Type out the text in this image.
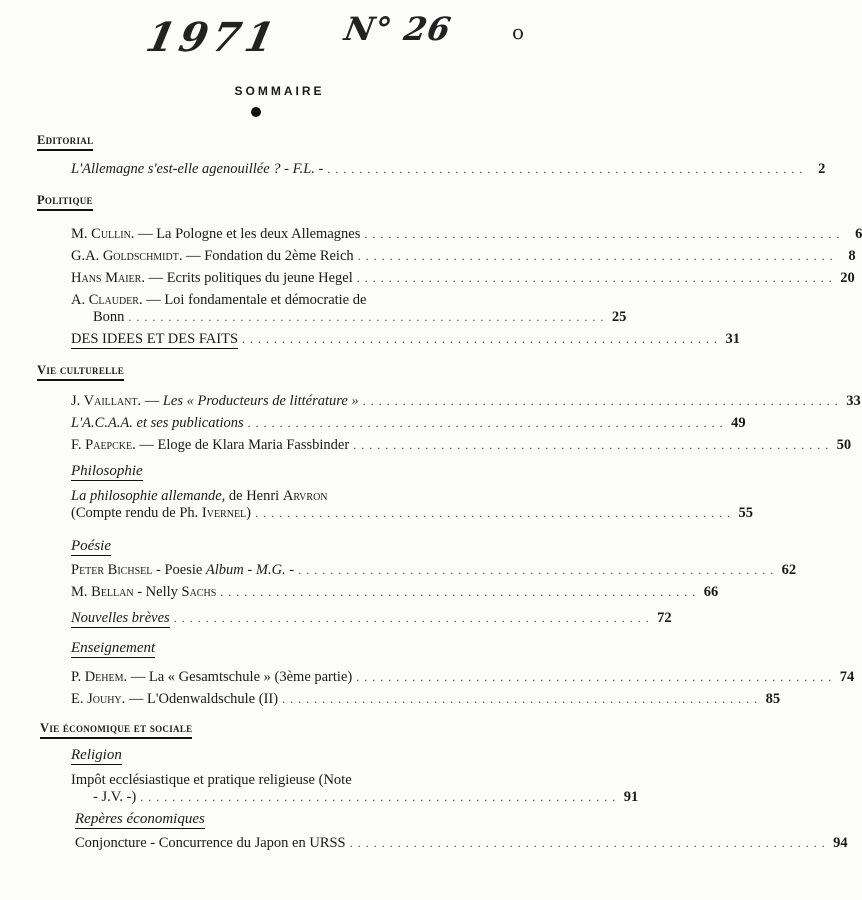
1971 N° 26	o
SOMMAIRE
Editorial
L'Allemagne s'est-elle agenouillée ? - F.L. - . . . . . . . . . . . . . . . . . . . . . . . . . . . . . . . . . . . . . . . . . . . . . . . . . . . . . . . . . . . .	2
Politique
M. Cullin. — La Pologne et les deux Allemagnes . . . . . . . . . . . . . . . . . . . . . . . . . . . . . . . . . . . . . . . . . . . . . . . . . . . . . . . . . . . .	6
G.A. Goldschmidt. — Fondation du 2ème Reich . . . . . . . . . . . . . . . . . . . . . . . . . . . . . . . . . . . . . . . . . . . . . . . . . . . . . . . . . . . .	8
Hans Maier. — Ecrits politiques du jeune Hegel . . . . . . . . . . . . . . . . . . . . . . . . . . . . . . . . . . . . . . . . . . . . . . . . . . . . . . . . . . . . 20
A. Clauder. — Loi fondamentale et démocratie de
Bonn . . . . . . . . . . . . . . . . . . . . . . . . . . . . . . . . . . . . . . . . . . . . . . . . . . . . . . . . . . . . 25
DES IDEES ET DES FAITS . . . . . . . . . . . . . . . . . . . . . . . . . . . . . . . . . . . . . . . . . . . . . . . . . . . . . . . . . . . . 31
Vie culturelle
J. Vaillant. — Les « Producteurs de littérature » . . . . . . . . . . . . . . . . . . . . . . . . . . . . . . . . . . . . . . . . . . . . . . . . . . . . . . . . . . . . 33
L'A.C.A.A. et ses publications . . . . . . . . . . . . . . . . . . . . . . . . . . . . . . . . . . . . . . . . . . . . . . . . . . . . . . . . . . . . 49
F. Paepcke. — Eloge de Klara Maria Fassbinder . . . . . . . . . . . . . . . . . . . . . . . . . . . . . . . . . . . . . . . . . . . . . . . . . . . . . . . . . . . . 50
Philosophie
La philosophie allemande, de Henri Arvron
(Compte rendu de Ph. Ivernel) . . . . . . . . . . . . . . . . . . . . . . . . . . . . . . . . . . . . . . . . . . . . . . . . . . . . . . . . . . . . 55
Poésie
Peter Bichsel - Poesie Album - M.G. - . . . . . . . . . . . . . . . . . . . . . . . . . . . . . . . . . . . . . . . . . . . . . . . . . . . . . . . . . . . . 62
M. Bellan - Nelly Sachs . . . . . . . . . . . . . . . . . . . . . . . . . . . . . . . . . . . . . . . . . . . . . . . . . . . . . . . . . . . . 66
Nouvelles brèves . . . . . . . . . . . . . . . . . . . . . . . . . . . . . . . . . . . . . . . . . . . . . . . . . . . . . . . . . . . . 72
Enseignement
P. Dehem. — La « Gesamtschule » (3ème partie) . . . . . . . . . . . . . . . . . . . . . . . . . . . . . . . . . . . . . . . . . . . . . . . . . . . . . . . . . . . . 74
E. Jouhy. — L'Odenwaldschule (II) . . . . . . . . . . . . . . . . . . . . . . . . . . . . . . . . . . . . . . . . . . . . . . . . . . . . . . . . . . . . 85
Vie économique et sociale
Religion
Impôt ecclésiastique et pratique religieuse (Note
- J.V. -) . . . . . . . . . . . . . . . . . . . . . . . . . . . . . . . . . . . . . . . . . . . . . . . . . . . . . . . . . . . . 91
Repères économiques
Conjoncture - Concurrence du Japon en URSS . . . . . . . . . . . . . . . . . . . . . . . . . . . . . . . . . . . . . . . . . . . . . . . . . . . . . . . . . . . . 94
